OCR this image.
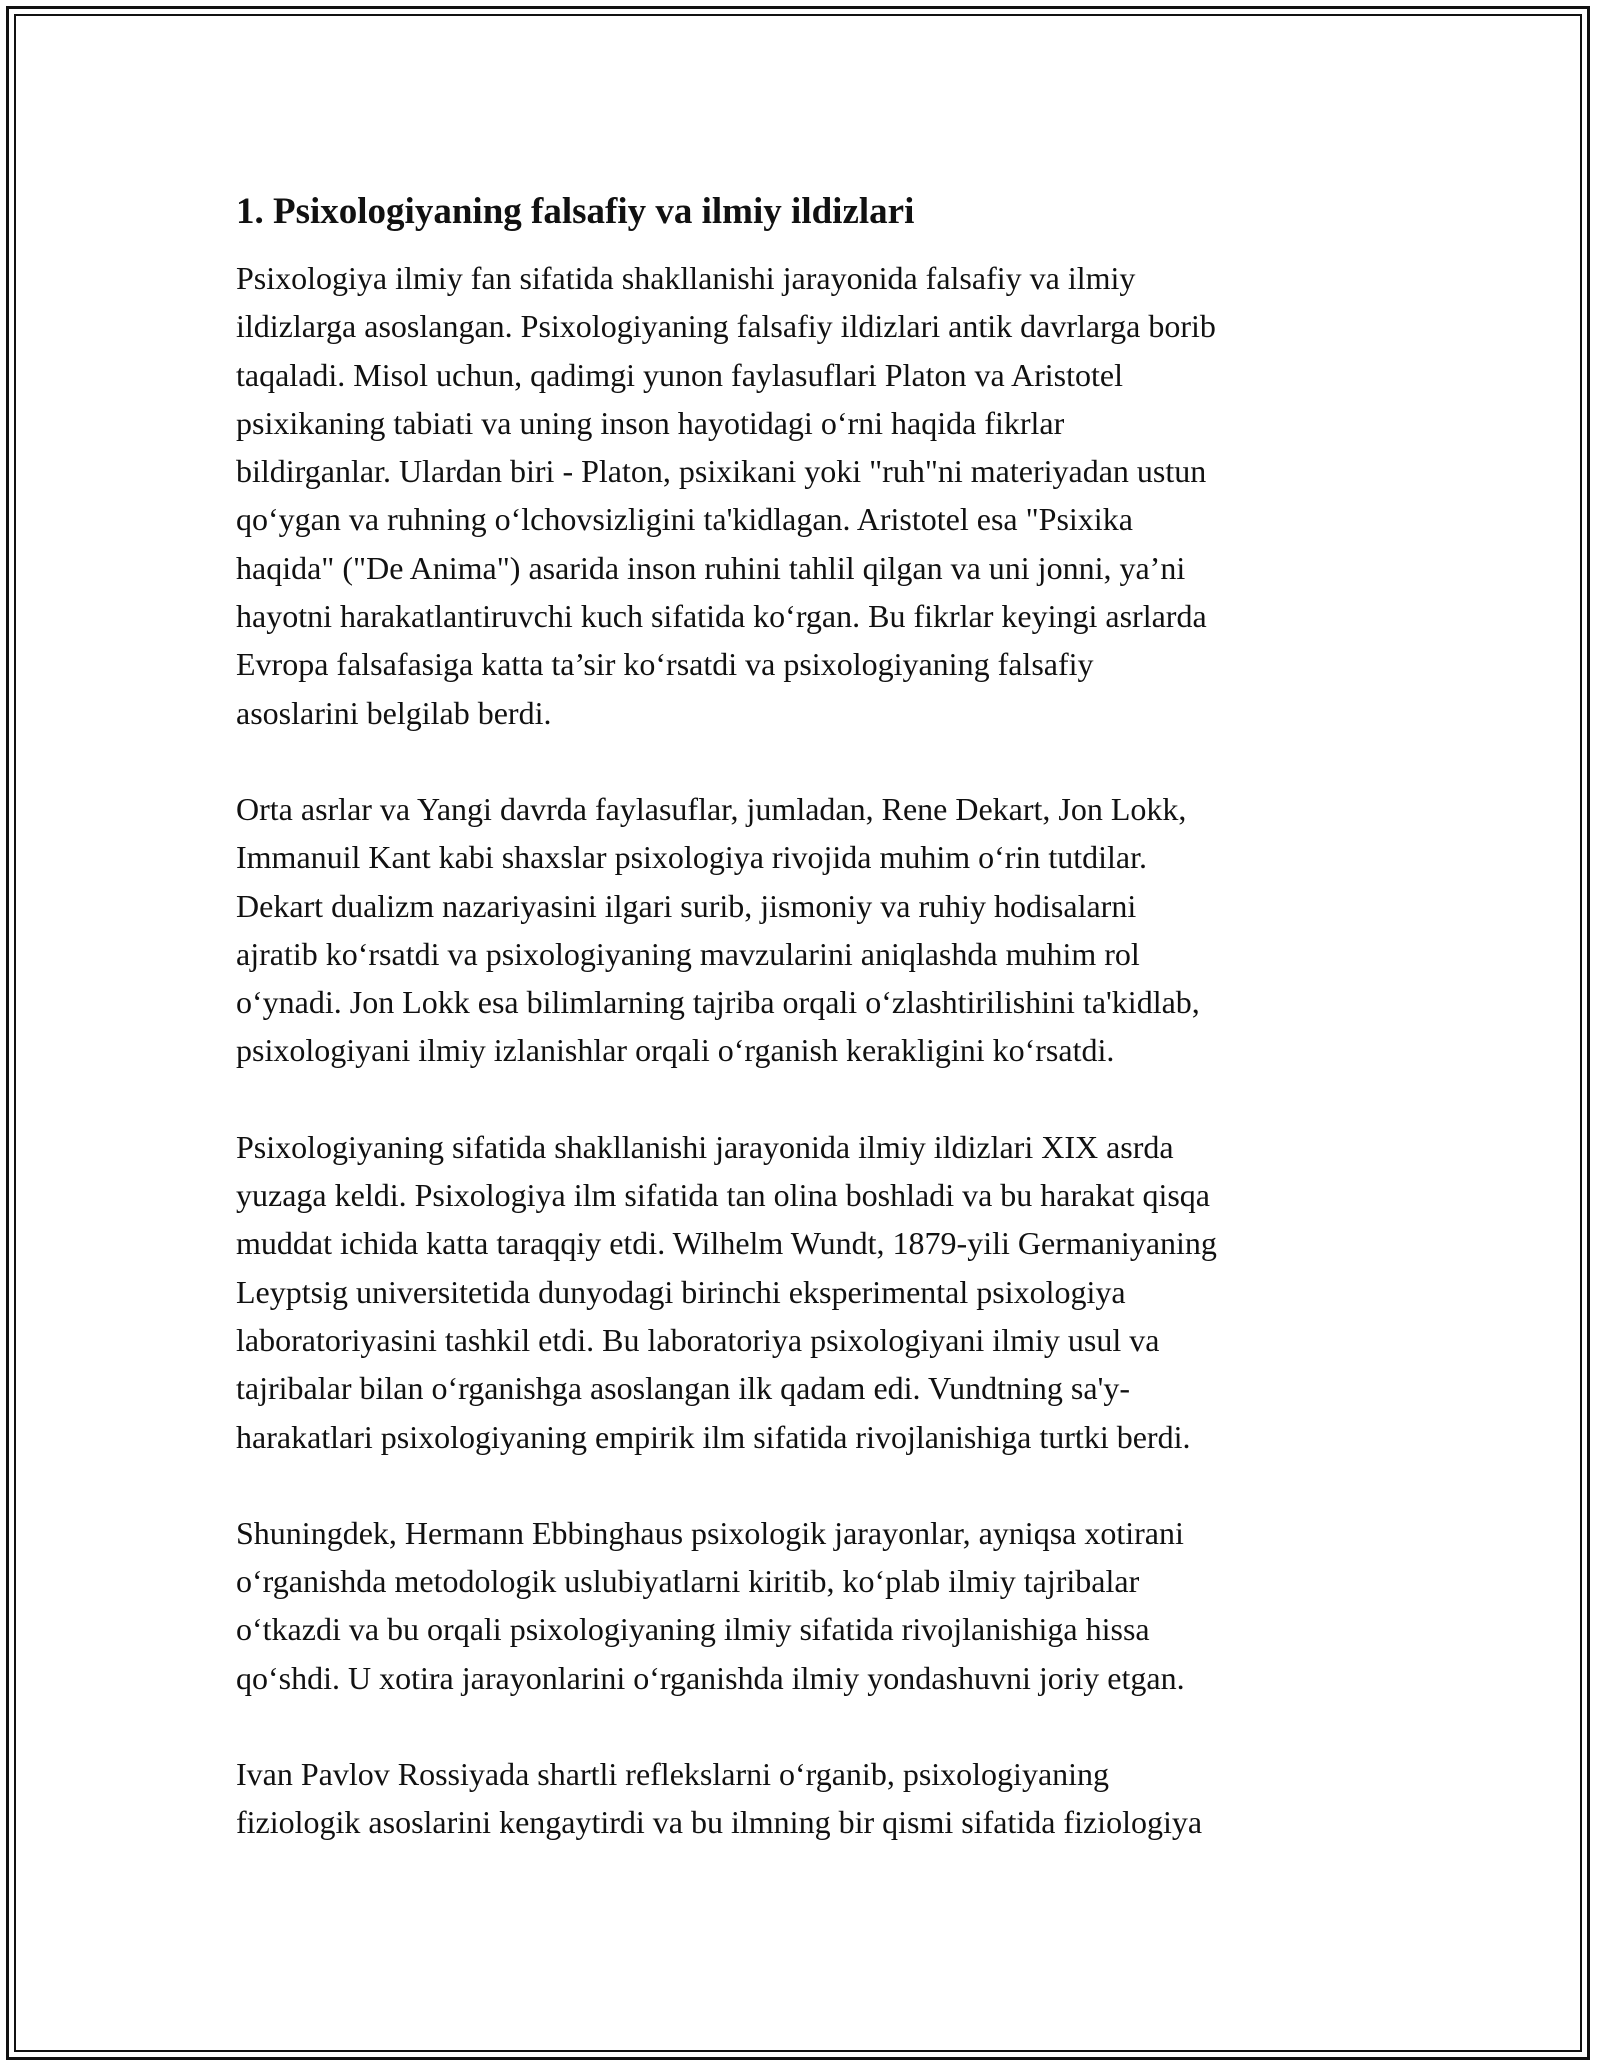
1. Psixologiyaning falsafiy va ilmiy ildizlari

Psixologiya ilmiy fan sifatida shakllanishi jarayonida falsafiy va ilmiy
ildizlarga asoslangan. Psixologiyaning falsafiy ildizlari antik davrlarga borib
taqaladi. Misol uchun, qadimgi yunon faylasuflari Platon va Aristotel
psixikaning tabiati va uning inson hayotidagi o‘rni haqida fikrlar
bildirganlar. Ulardan biri - Platon, psixikani yoki "ruh"ni materiyadan ustun
qo‘ygan va ruhning o‘lchovsizligini ta'kidlagan. Aristotel esa "Psixika
haqida" ("De Anima") asarida inson ruhini tahlil qilgan va uni jonni, ya’ni
hayotni harakatlantiruvchi kuch sifatida ko‘rgan. Bu fikrlar keyingi asrlarda
Evropa falsafasiga katta ta’sir ko‘rsatdi va psixologiyaning falsafiy
asoslarini belgilab berdi.

Orta asrlar va Yangi davrda faylasuflar, jumladan, Rene Dekart, Jon Lokk,
Immanuil Kant kabi shaxslar psixologiya rivojida muhim o‘rin tutdilar.
Dekart dualizm nazariyasini ilgari surib, jismoniy va ruhiy hodisalarni
ajratib ko‘rsatdi va psixologiyaning mavzularini aniqlashda muhim rol
o‘ynadi. Jon Lokk esa bilimlarning tajriba orqali o‘zlashtirilishini ta'kidlab,
psixologiyani ilmiy izlanishlar orqali o‘rganish kerakligini ko‘rsatdi.

Psixologiyaning sifatida shakllanishi jarayonida ilmiy ildizlari XIX asrda
yuzaga keldi. Psixologiya ilm sifatida tan olina boshladi va bu harakat qisqa
muddat ichida katta taraqqiy etdi. Wilhelm Wundt, 1879-yili Germaniyaning
Leyptsig universitetida dunyodagi birinchi eksperimental psixologiya
laboratoriyasini tashkil etdi. Bu laboratoriya psixologiyani ilmiy usul va
tajribalar bilan o‘rganishga asoslangan ilk qadam edi. Vundtning sa'y-
harakatlari psixologiyaning empirik ilm sifatida rivojlanishiga turtki berdi.

Shuningdek, Hermann Ebbinghaus psixologik jarayonlar, ayniqsa xotirani
o‘rganishda metodologik uslubiyatlarni kiritib, ko‘plab ilmiy tajribalar
o‘tkazdi va bu orqali psixologiyaning ilmiy sifatida rivojlanishiga hissa
qo‘shdi. U xotira jarayonlarini o‘rganishda ilmiy yondashuvni joriy etgan.

Ivan Pavlov Rossiyada shartli reflekslarni o‘rganib, psixologiyaning
fiziologik asoslarini kengaytirdi va bu ilmning bir qismi sifatida fiziologiya
